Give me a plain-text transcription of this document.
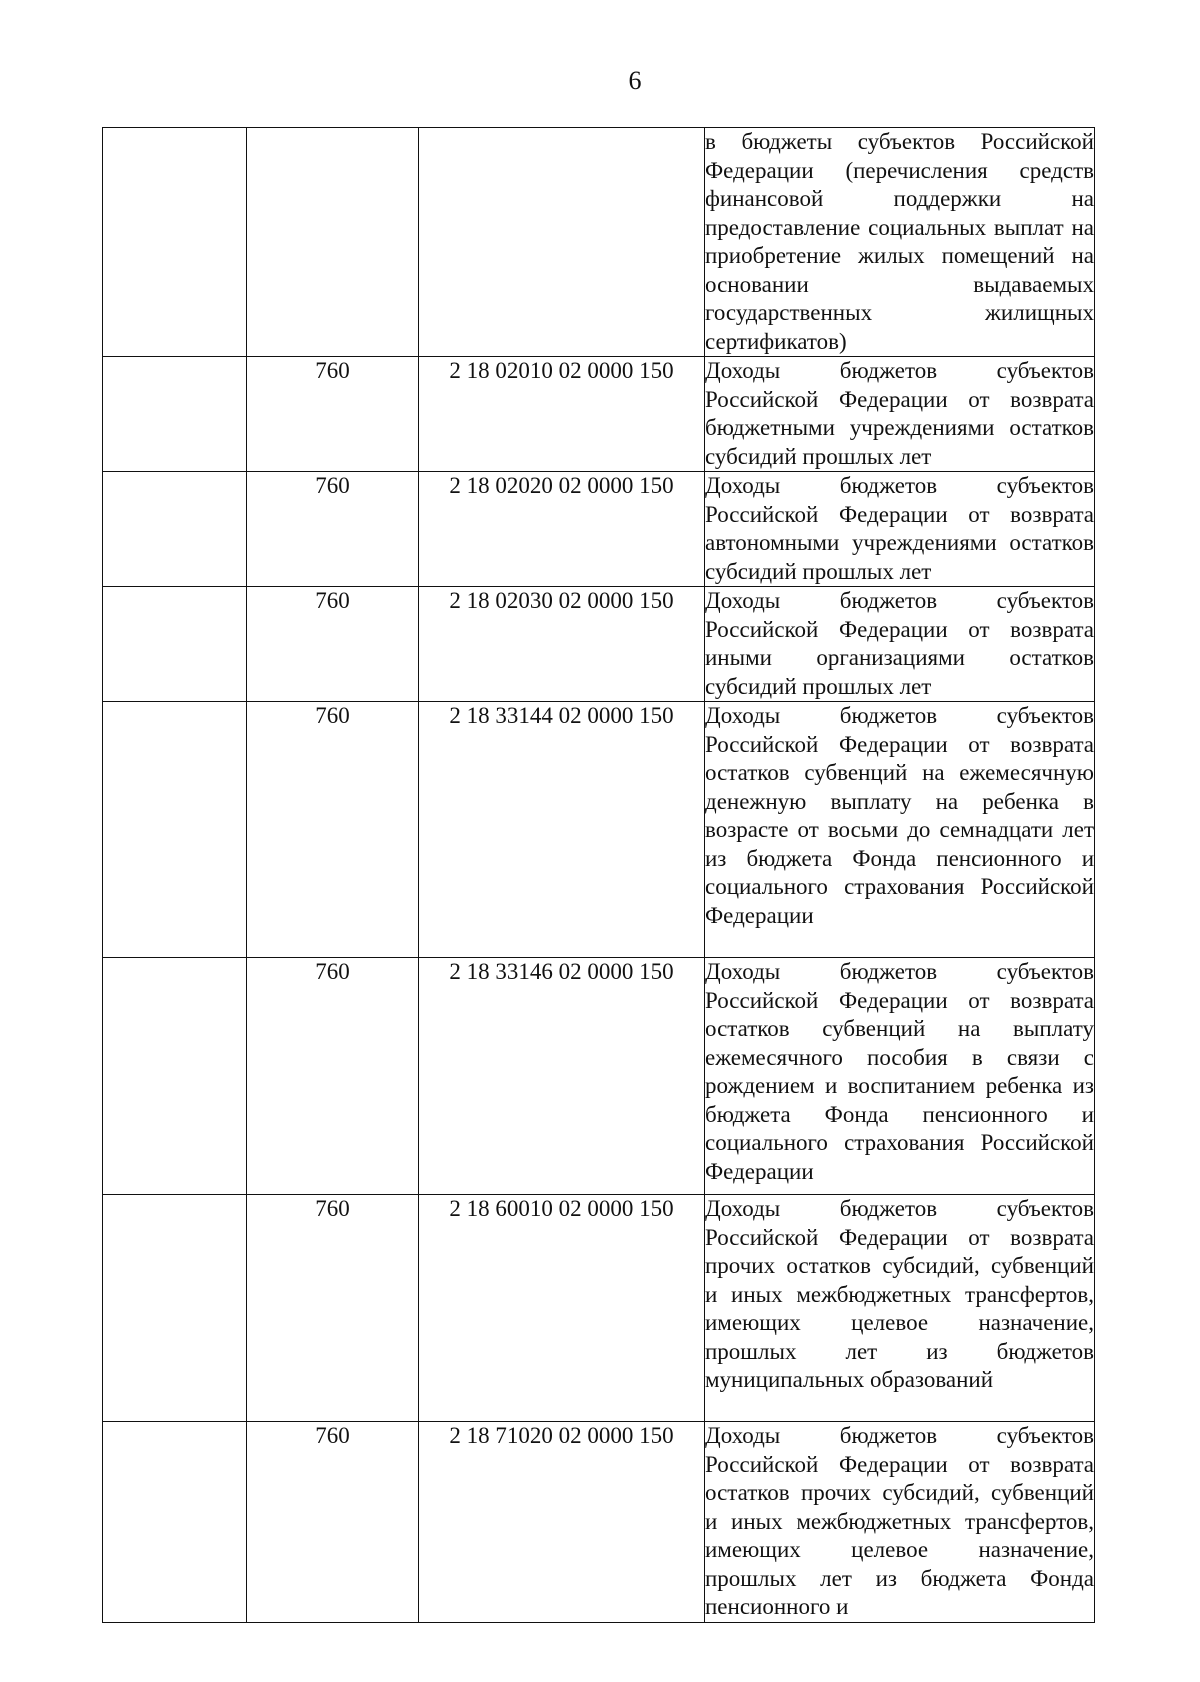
6
			в бюджеты субъектов Российской Федерации (перечисления средств финансовой поддержки на предоставление социальных выплат на приобретение жилых помещений на основании выдаваемых государственных жилищных сертификатов)
	760	2 18 02010 02 0000 150	Доходы бюджетов субъектов Российской Федерации от возврата бюджетными учреждениями остатков субсидий прошлых лет
	760	2 18 02020 02 0000 150	Доходы бюджетов субъектов Российской Федерации от возврата автономными учреждениями остатков субсидий прошлых лет
	760	2 18 02030 02 0000 150	Доходы бюджетов субъектов Российской Федерации от возврата иными организациями остатков субсидий прошлых лет
	760	2 18 33144 02 0000 150	Доходы бюджетов субъектов Российской Федерации от возврата остатков субвенций на ежемесячную денежную выплату на ребенка в возрасте от восьми до семнадцати лет из бюджета Фонда пенсионного и социального страхования Российской Федерации
	760	2 18 33146 02 0000 150	Доходы бюджетов субъектов Российской Федерации от возврата остатков субвенций на выплату ежемесячного пособия в связи с рождением и воспитанием ребенка из бюджета Фонда пенсионного и социального страхования Российской Федерации
	760	2 18 60010 02 0000 150	Доходы бюджетов субъектов Российской Федерации от возврата прочих остатков субсидий, субвенций и иных межбюджетных трансфертов, имеющих целевое назначение, прошлых лет из бюджетов муниципальных образований
	760	2 18 71020 02 0000 150	Доходы бюджетов субъектов Российской Федерации от возврата остатков прочих субсидий, субвенций и иных межбюджетных трансфертов, имеющих целевое назначение, прошлых лет из бюджета Фонда пенсионного и
